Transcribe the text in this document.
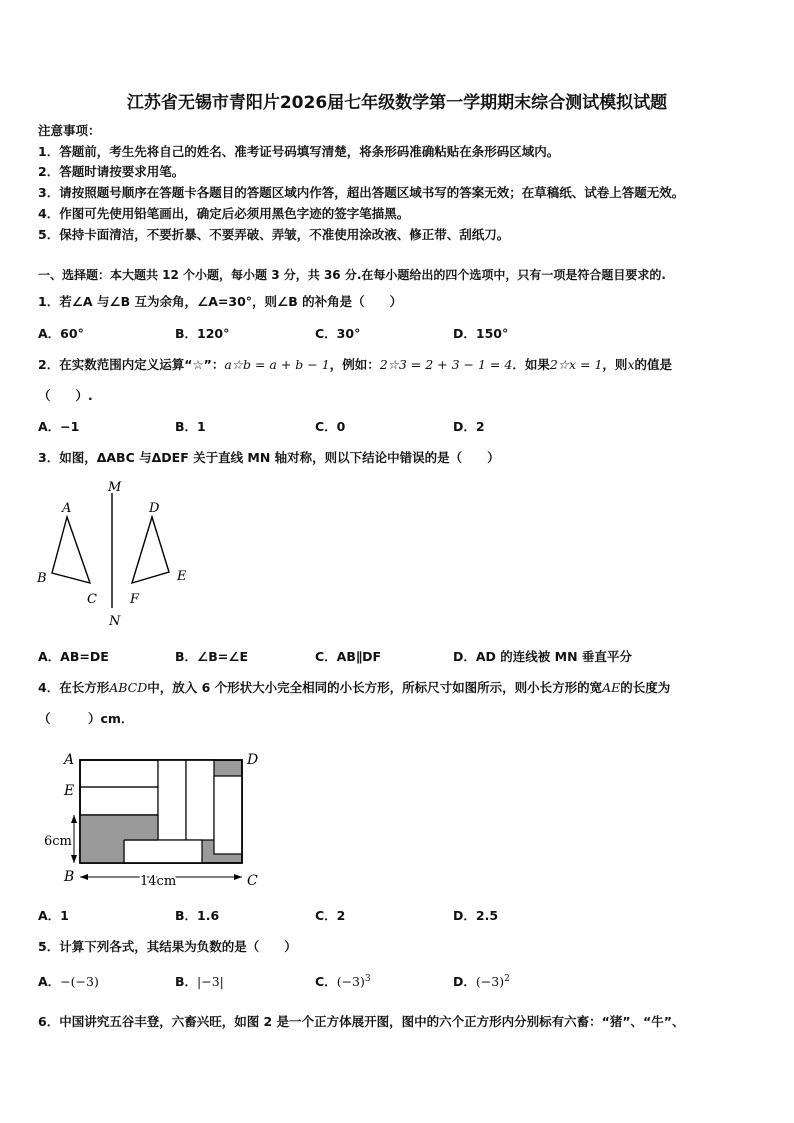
江苏省无锡市青阳片2026届七年级数学第一学期期末综合测试模拟试题
注意事项：
1．答题前，考生先将自己的姓名、准考证号码填写清楚，将条形码准确粘贴在条形码区域内。
2．答题时请按要求用笔。
3．请按照题号顺序在答题卡各题目的答题区域内作答，超出答题区域书写的答案无效；在草稿纸、试卷上答题无效。
4．作图可先使用铅笔画出，确定后必须用黑色字迹的签字笔描黑。
5．保持卡面清洁，不要折暴、不要弄破、弄皱，不准使用涂改液、修正带、刮纸刀。
一、选择题：本大题共 12 个小题，每小题 3 分，共 36 分.在每小题给出的四个选项中，只有一项是符合题目要求的.
1．若∠A 与∠B 互为余角，∠A=30°，则∠B 的补角是（　　）
A．60°	B．120°	C．30°	D．150°
2．在实数范围内定义运算“☆”：a☆b = a + b − 1，例如：2☆3 = 2 + 3 − 1 = 4．如果2☆x = 1，则x的值是
（　　）.
A．−1	B．1	C．0	D．2
3．如图，ΔABC 与ΔDEF 关于直线 MN 轴对称，则以下结论中错误的是（　　）
M
N
A
B
C
D
E
F
A．AB=DE	B．∠B=∠E	C．AB∥DF	D．AD 的连线被 MN 垂直平分
4．在长方形ABCD中，放入 6 个形状大小完全相同的小长方形，所标尺寸如图所示，则小长方形的宽AE的长度为
（　　　）cm．
A
E
B
D
C
6cm
14cm
A．1	B．1.6	C．2	D．2.5
5．计算下列各式，其结果为负数的是（　　）
A．−(−3)	B．|−3|	C．$(-3)^3$	D．$(-3)^2$
6．中国讲究五谷丰登，六畜兴旺，如图 2 是一个正方体展开图，图中的六个正方形内分别标有六畜：“猪”、“牛”、
